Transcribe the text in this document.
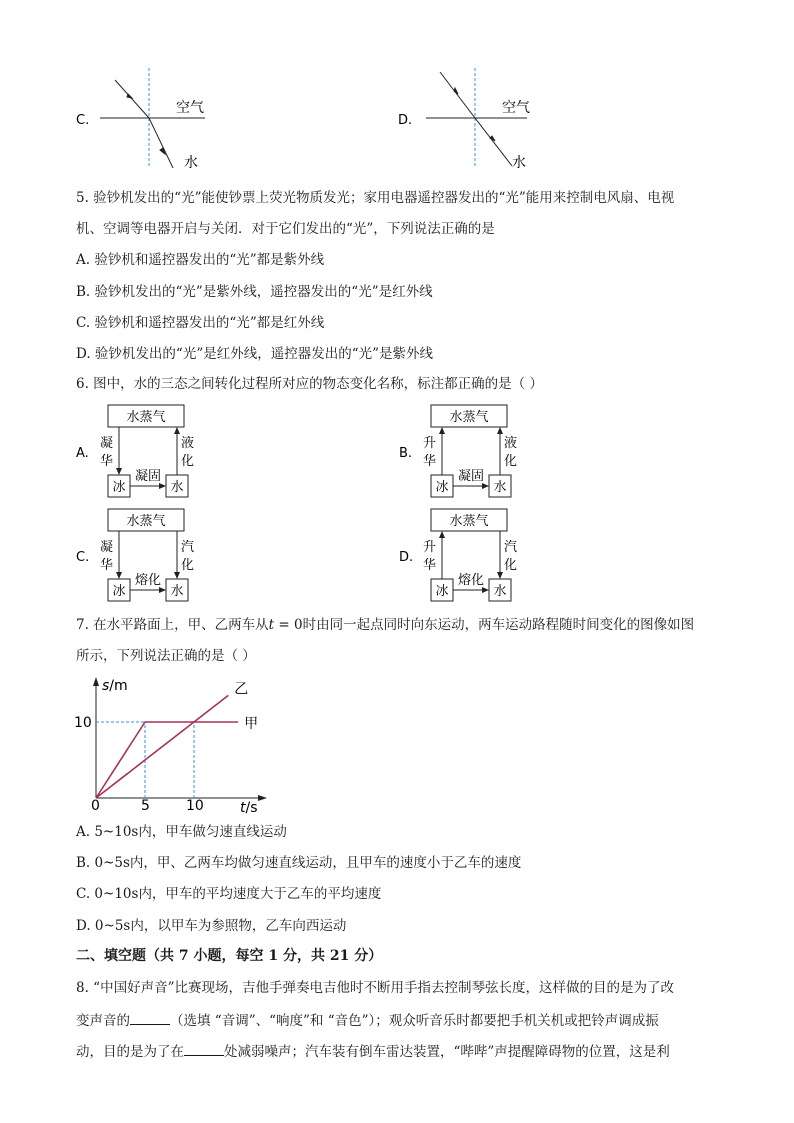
C.
空气
水
D.
空气
水
5. 验钞机发出的“光”能使钞票上荧光物质发光；家用电器遥控器发出的“光”能用来控制电风扇、电视
机、空调等电器开启与关闭．对于它们发出的“光”，下列说法正确的是
A. 验钞机和遥控器发出的“光”都是紫外线
B. 验钞机发出的“光”是紫外线，遥控器发出的“光”是红外线
C. 验钞机和遥控器发出的“光”都是红外线
D. 验钞机发出的“光”是红外线，遥控器发出的“光”是紫外线
6. 图中，水的三态之间转化过程所对应的物态变化名称，标注都正确的是（ ）
A.
水蒸气
冰	水
凝
华
液
化
凝固
B.
水蒸气
冰	水
升
华
液
化
凝固
C.
水蒸气
冰	水
凝
华
汽
化
熔化
D.
水蒸气
冰	水
升
华
汽
化
熔化
7. 在水平路面上，甲、乙两车从t = 0时由同一起点同时向东运动，两车运动路程随时间变化的图像如图
所示，下列说法正确的是（ ）
s/m
t/s
0	5	10
10	甲
乙
A. 5~10s内，甲车做匀速直线运动
B. 0~5s内，甲、乙两车均做匀速直线运动，且甲车的速度小于乙车的速度
C. 0~10s内，甲车的平均速度大于乙车的平均速度
D. 0~5s内，以甲车为参照物，乙车向西运动
二、填空题（共 7 小题，每空 1 分，共 21 分）
8. “中国好声音”比赛现场，吉他手弹奏电吉他时不断用手指去控制琴弦长度，这样做的目的是为了改
变声音的	（选填 “音调”、“响度”和 “音色”）；观众听音乐时都要把手机关机或把铃声调成振
动，目的是为了在	处减弱噪声；汽车装有倒车雷达装置，“哔哔”声提醒障碍物的位置，这是利
